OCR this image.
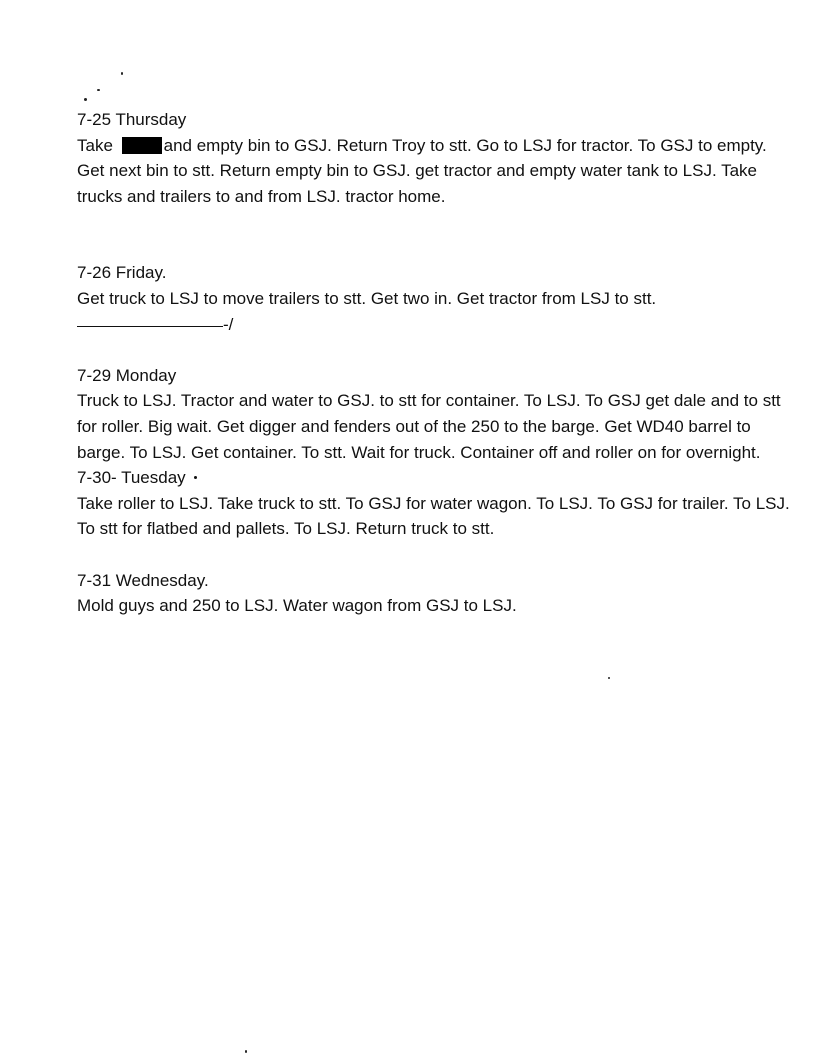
7-25 Thursday
Take	and empty bin to GSJ. Return Troy to stt. Go to LSJ for tractor. To GSJ to empty. Get next bin to stt. Return empty bin to GSJ. get tractor and empty water tank to LSJ. Take trucks and trailers to and from LSJ. tractor home.
7-26 Friday.
Get truck to LSJ to move trailers to stt. Get two in. Get tractor from LSJ to stt.
-/
7-29 Monday
Truck to LSJ. Tractor and water to GSJ. to stt for container. To LSJ. To GSJ get dale and to stt for roller. Big wait. Get digger and fenders out of the 250 to the barge. Get WD40 barrel to barge. To LSJ. Get container. To stt. Wait for truck. Container off and roller on for overnight.
7-30- Tuesday
Take roller to LSJ. Take truck to stt. To GSJ for water wagon. To LSJ. To GSJ for trailer. To LSJ. To stt for flatbed and pallets. To LSJ. Return truck to stt.
7-31 Wednesday.
Mold guys and 250 to LSJ. Water wagon from GSJ to LSJ.
